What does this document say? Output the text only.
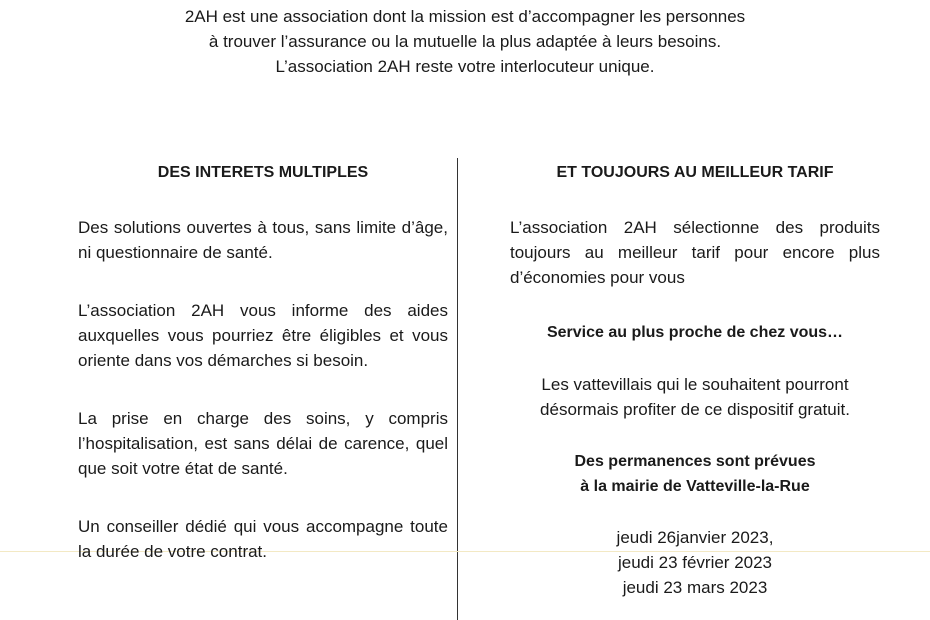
2AH est une association dont la mission est d’accompagner les personnes
à trouver l’assurance ou la mutuelle la plus adaptée à leurs besoins.
L’association 2AH reste votre interlocuteur unique.

DES INTERETS MULTIPLES

Des solutions ouvertes à tous, sans limite d’âge, ni questionnaire de santé.

L’association 2AH vous informe des aides auxquelles vous pourriez être éligibles et vous oriente dans vos démarches si besoin.

La prise en charge des soins, y compris l’hospitalisation, est sans délai de carence, quel que soit votre état de santé.

Un conseiller dédié qui vous accompagne toute la durée de votre contrat.

ET TOUJOURS AU MEILLEUR TARIF

L’association 2AH sélectionne des produits toujours au meilleur tarif pour encore plus d’économies pour vous

Service au plus proche de chez vous…

Les vattevillais qui le souhaitent pourront
désormais profiter de ce dispositif gratuit.

Des permanences sont prévues
à la mairie de Vatteville-la-Rue

jeudi 26janvier 2023,
jeudi 23 février 2023
jeudi 23 mars 2023
